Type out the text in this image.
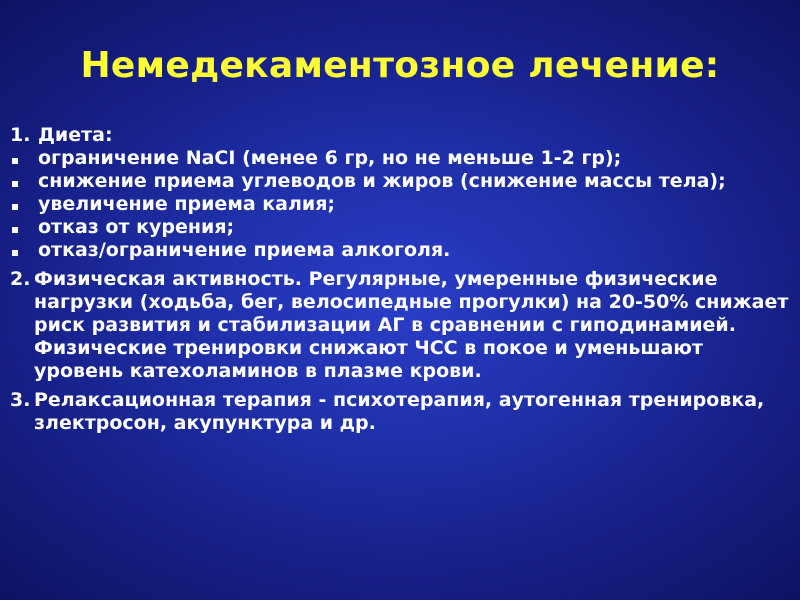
Немедекаментозное лечение:
1. Диета:
ограничение NaCI (менее 6 гр, но не меньше 1-2 гр);
снижение приема углеводов и жиров (снижение массы тела);
увеличение приема калия;
отказ от курения;
отказ/ограничение приема алкоголя.
2. Физическая активность. Регулярные, умеренные физические нагрузки (ходьба, бег, велосипедные прогулки) на 20-50% снижает риск развития и стабилизации АГ в сравнении с гиподинамией. Физические тренировки снижают ЧСС в покое и уменьшают уровень катехоламинов в плазме крови.
3. Релаксационная терапия - психотерапия, аутогенная тренировка, злектросон, акупунктура и др.
